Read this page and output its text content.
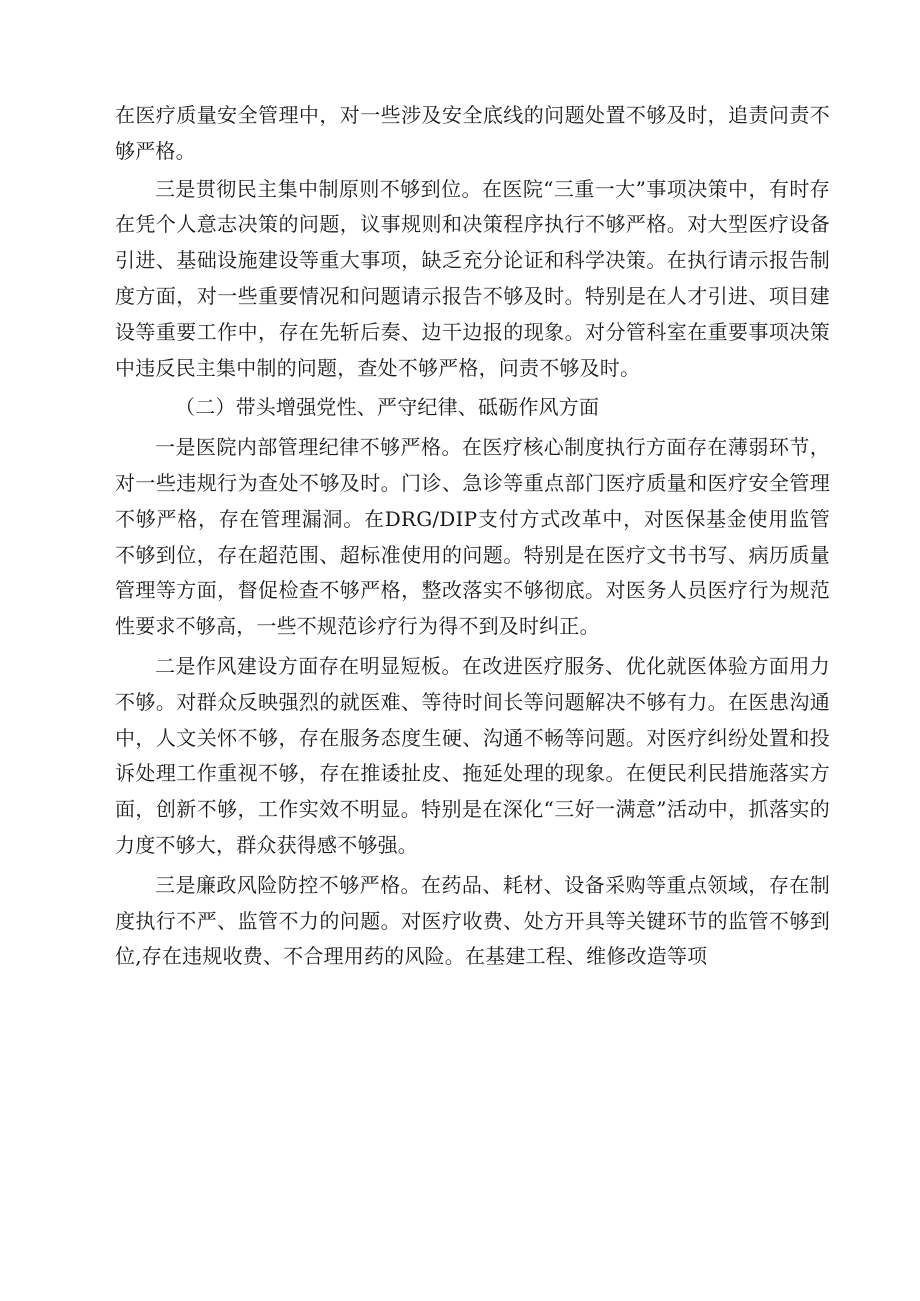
在医疗质量安全管理中，对一些涉及安全底线的问题处置不够及时，追责问责不够严格。

三是贯彻民主集中制原则不够到位。在医院“三重一大”事项决策中，有时存在凭个人意志决策的问题，议事规则和决策程序执行不够严格。对大型医疗设备引进、基础设施建设等重大事项，缺乏充分论证和科学决策。在执行请示报告制度方面，对一些重要情况和问题请示报告不够及时。特别是在人才引进、项目建设等重要工作中，存在先斩后奏、边干边报的现象。对分管科室在重要事项决策中违反民主集中制的问题，查处不够严格，问责不够及时。

（二）带头增强党性、严守纪律、砥砺作风方面

一是医院内部管理纪律不够严格。在医疗核心制度执行方面存在薄弱环节，对一些违规行为查处不够及时。门诊、急诊等重点部门医疗质量和医疗安全管理不够严格，存在管理漏洞。在DRG/DIP支付方式改革中，对医保基金使用监管不够到位，存在超范围、超标准使用的问题。特别是在医疗文书书写、病历质量管理等方面，督促检查不够严格，整改落实不够彻底。对医务人员医疗行为规范性要求不够高，一些不规范诊疗行为得不到及时纠正。

二是作风建设方面存在明显短板。在改进医疗服务、优化就医体验方面用力不够。对群众反映强烈的就医难、等待时间长等问题解决不够有力。在医患沟通中，人文关怀不够，存在服务态度生硬、沟通不畅等问题。对医疗纠纷处置和投诉处理工作重视不够，存在推诿扯皮、拖延处理的现象。在便民利民措施落实方面，创新不够，工作实效不明显。特别是在深化“三好一满意”活动中，抓落实的力度不够大，群众获得感不够强。

三是廉政风险防控不够严格。在药品、耗材、设备采购等重点领域，存在制度执行不严、监管不力的问题。对医疗收费、处方开具等关键环节的监管不够到位,存在违规收费、不合理用药的风险。在基建工程、维修改造等项
